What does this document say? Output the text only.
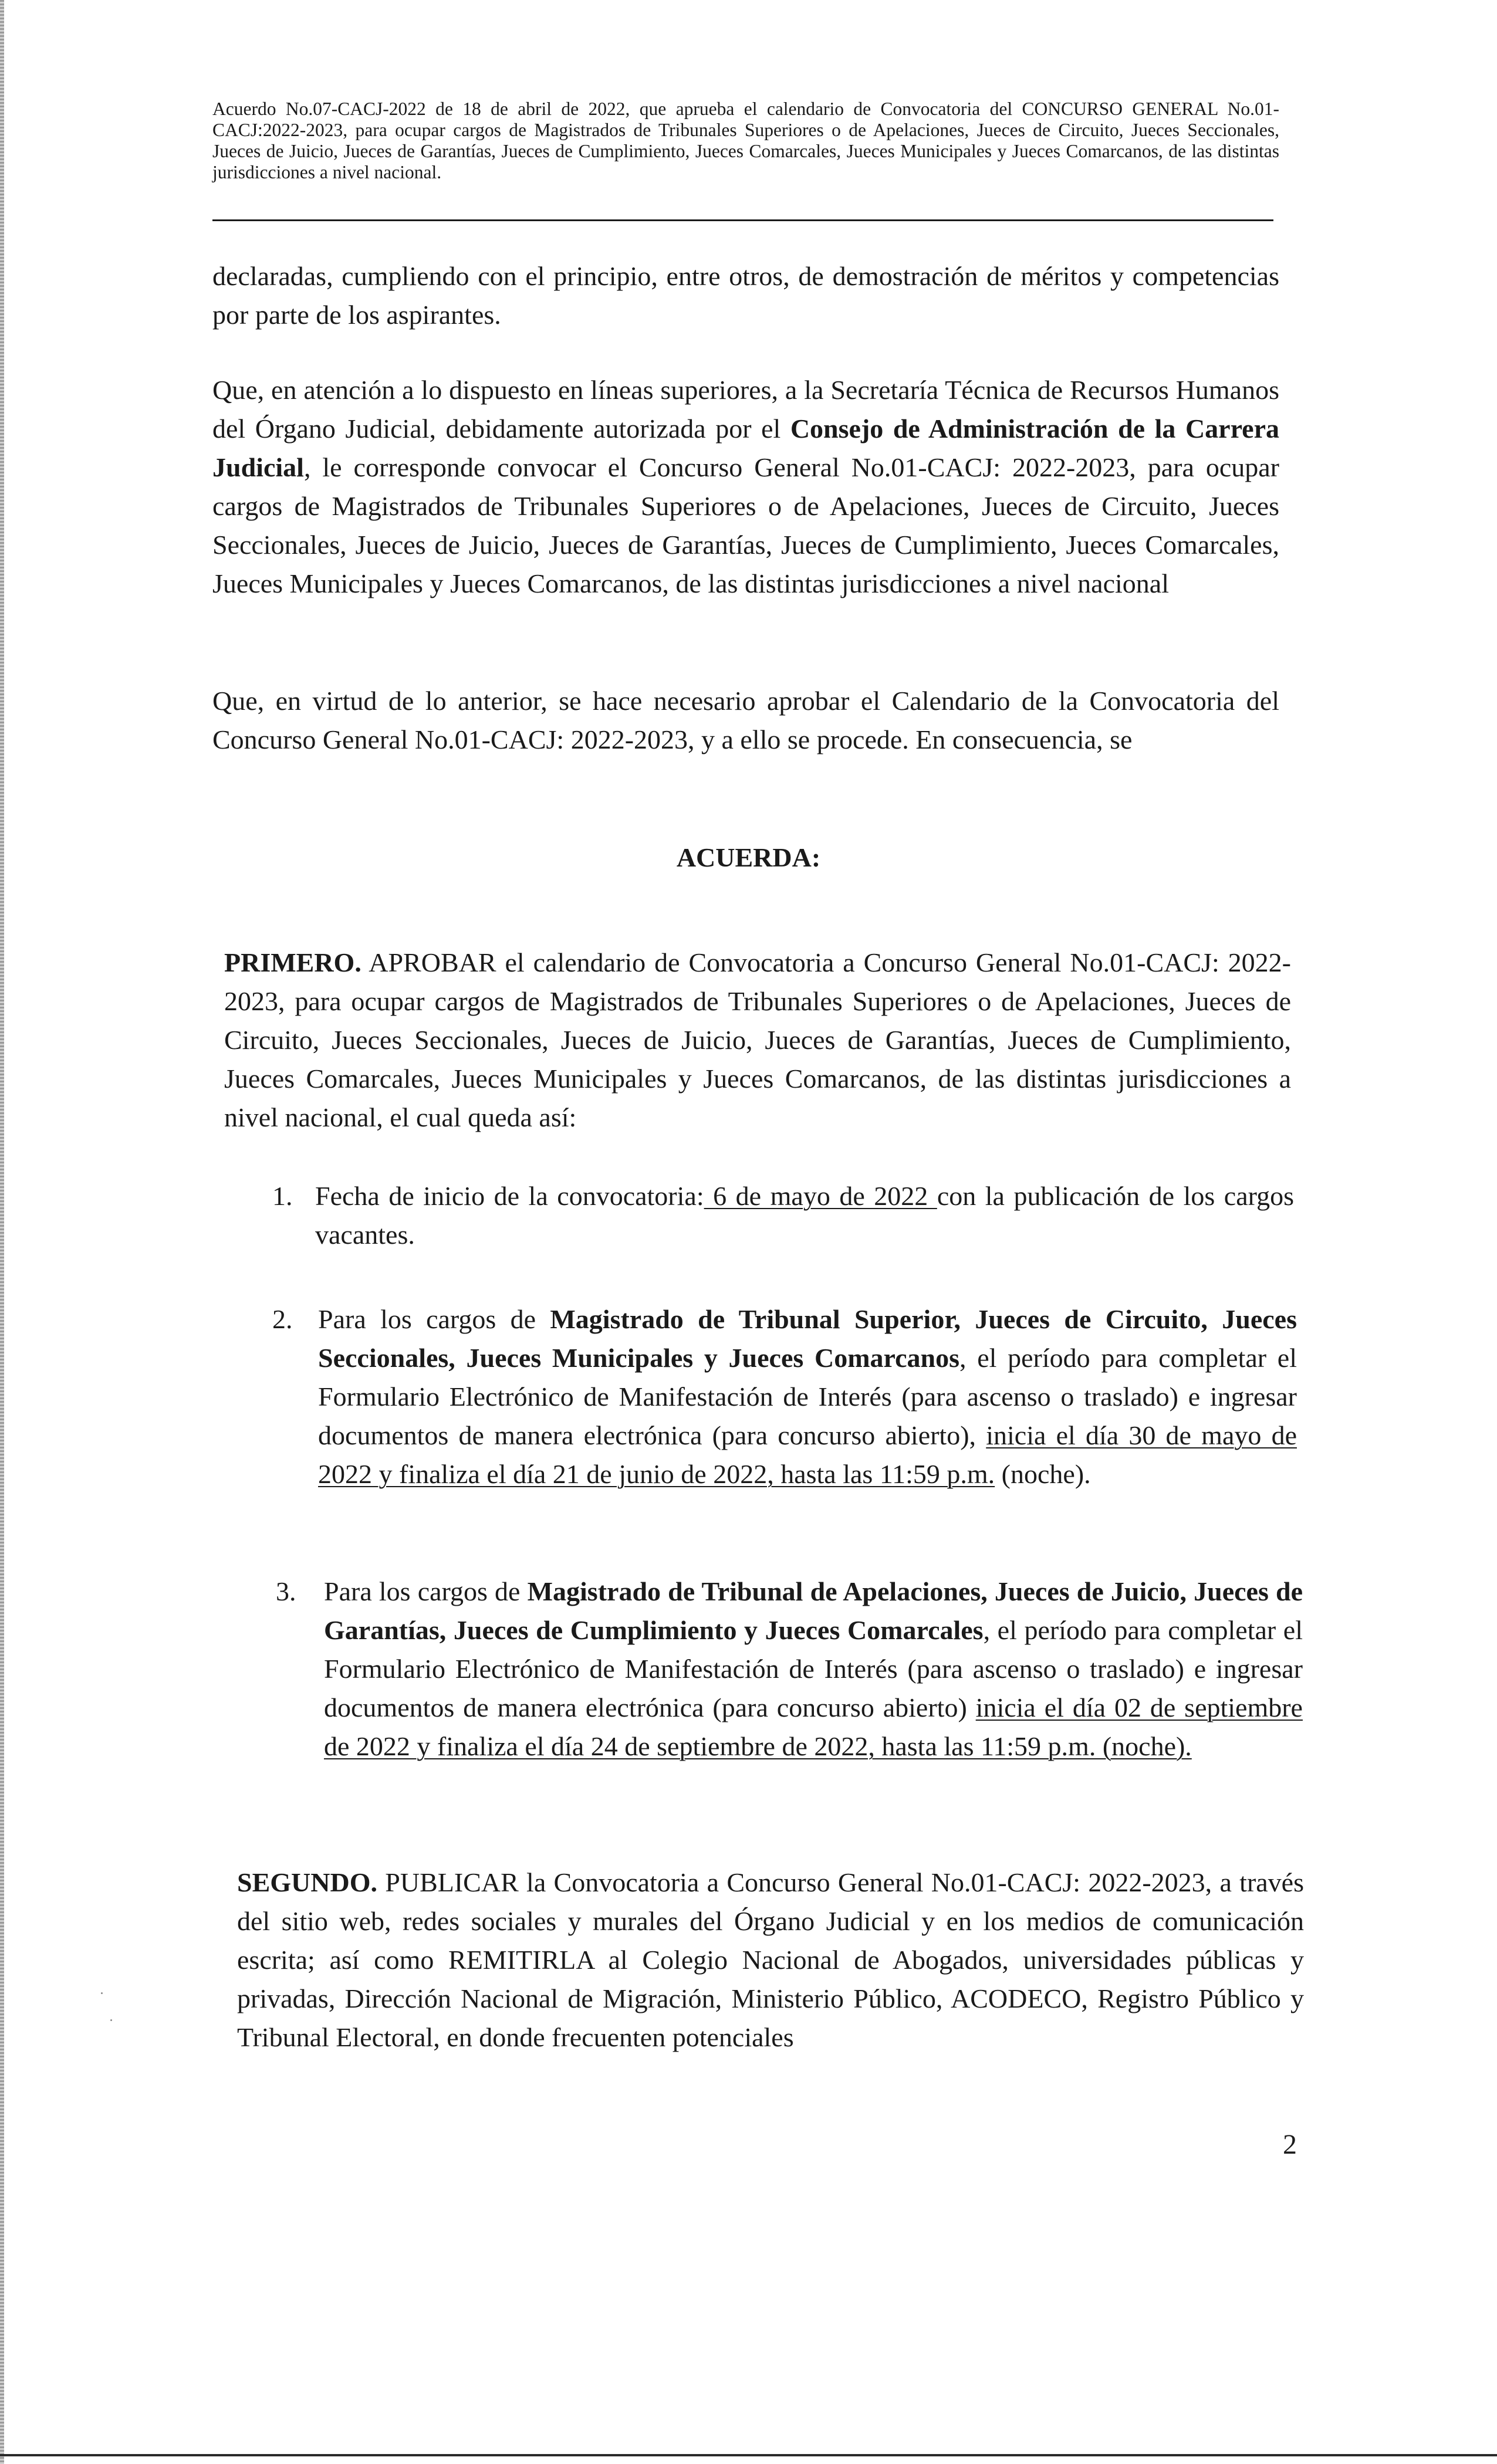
Acuerdo No.07-CACJ-2022 de 18 de abril de 2022, que aprueba el calendario de Convocatoria del CONCURSO GENERAL No.01-CACJ:2022-2023, para ocupar cargos de Magistrados de Tribunales Superiores o de Apelaciones, Jueces de Circuito, Jueces Seccionales, Jueces de Juicio, Jueces de Garantías, Jueces de Cumplimiento, Jueces Comarcales, Jueces Municipales y Jueces Comarcanos, de las distintas jurisdicciones a nivel nacional.

declaradas, cumpliendo con el principio, entre otros, de demostración de méritos y competencias por parte de los aspirantes.

Que, en atención a lo dispuesto en líneas superiores, a la Secretaría Técnica de Recursos Humanos del Órgano Judicial, debidamente autorizada por el Consejo de Administración de la Carrera Judicial, le corresponde convocar el Concurso General No.01-CACJ: 2022-2023, para ocupar cargos de Magistrados de Tribunales Superiores o de Apelaciones, Jueces de Circuito, Jueces Seccionales, Jueces de Juicio, Jueces de Garantías, Jueces de Cumplimiento, Jueces Comarcales, Jueces Municipales y Jueces Comarcanos, de las distintas jurisdicciones a nivel nacional

Que, en virtud de lo anterior, se hace necesario aprobar el Calendario de la Convocatoria del Concurso General No.01-CACJ: 2022-2023, y a ello se procede. En consecuencia, se

ACUERDA:

PRIMERO. APROBAR el calendario de Convocatoria a Concurso General No.01-CACJ: 2022-2023, para ocupar cargos de Magistrados de Tribunales Superiores o de Apelaciones, Jueces de Circuito, Jueces Seccionales, Jueces de Juicio, Jueces de Garantías, Jueces de Cumplimiento, Jueces Comarcales, Jueces Municipales y Jueces Comarcanos, de las distintas jurisdicciones a nivel nacional, el cual queda así:

1. Fecha de inicio de la convocatoria: 6 de mayo de 2022 con la publicación de los cargos vacantes.

2. Para los cargos de Magistrado de Tribunal Superior, Jueces de Circuito, Jueces Seccionales, Jueces Municipales y Jueces Comarcanos, el período para completar el Formulario Electrónico de Manifestación de Interés (para ascenso o traslado) e ingresar documentos de manera electrónica (para concurso abierto), inicia el día 30 de mayo de 2022 y finaliza el día 21 de junio de 2022, hasta las 11:59 p.m. (noche).

3. Para los cargos de Magistrado de Tribunal de Apelaciones, Jueces de Juicio, Jueces de Garantías, Jueces de Cumplimiento y Jueces Comarcales, el período para completar el Formulario Electrónico de Manifestación de Interés (para ascenso o traslado) e ingresar documentos de manera electrónica (para concurso abierto) inicia el día 02 de septiembre de 2022 y finaliza el día 24 de septiembre de 2022, hasta las 11:59 p.m. (noche).

SEGUNDO. PUBLICAR la Convocatoria a Concurso General No.01-CACJ: 2022-2023, a través del sitio web, redes sociales y murales del Órgano Judicial y en los medios de comunicación escrita; así como REMITIRLA al Colegio Nacional de Abogados, universidades públicas y privadas, Dirección Nacional de Migración, Ministerio Público, ACODECO, Registro Público y Tribunal Electoral, en donde frecuenten potenciales

2
